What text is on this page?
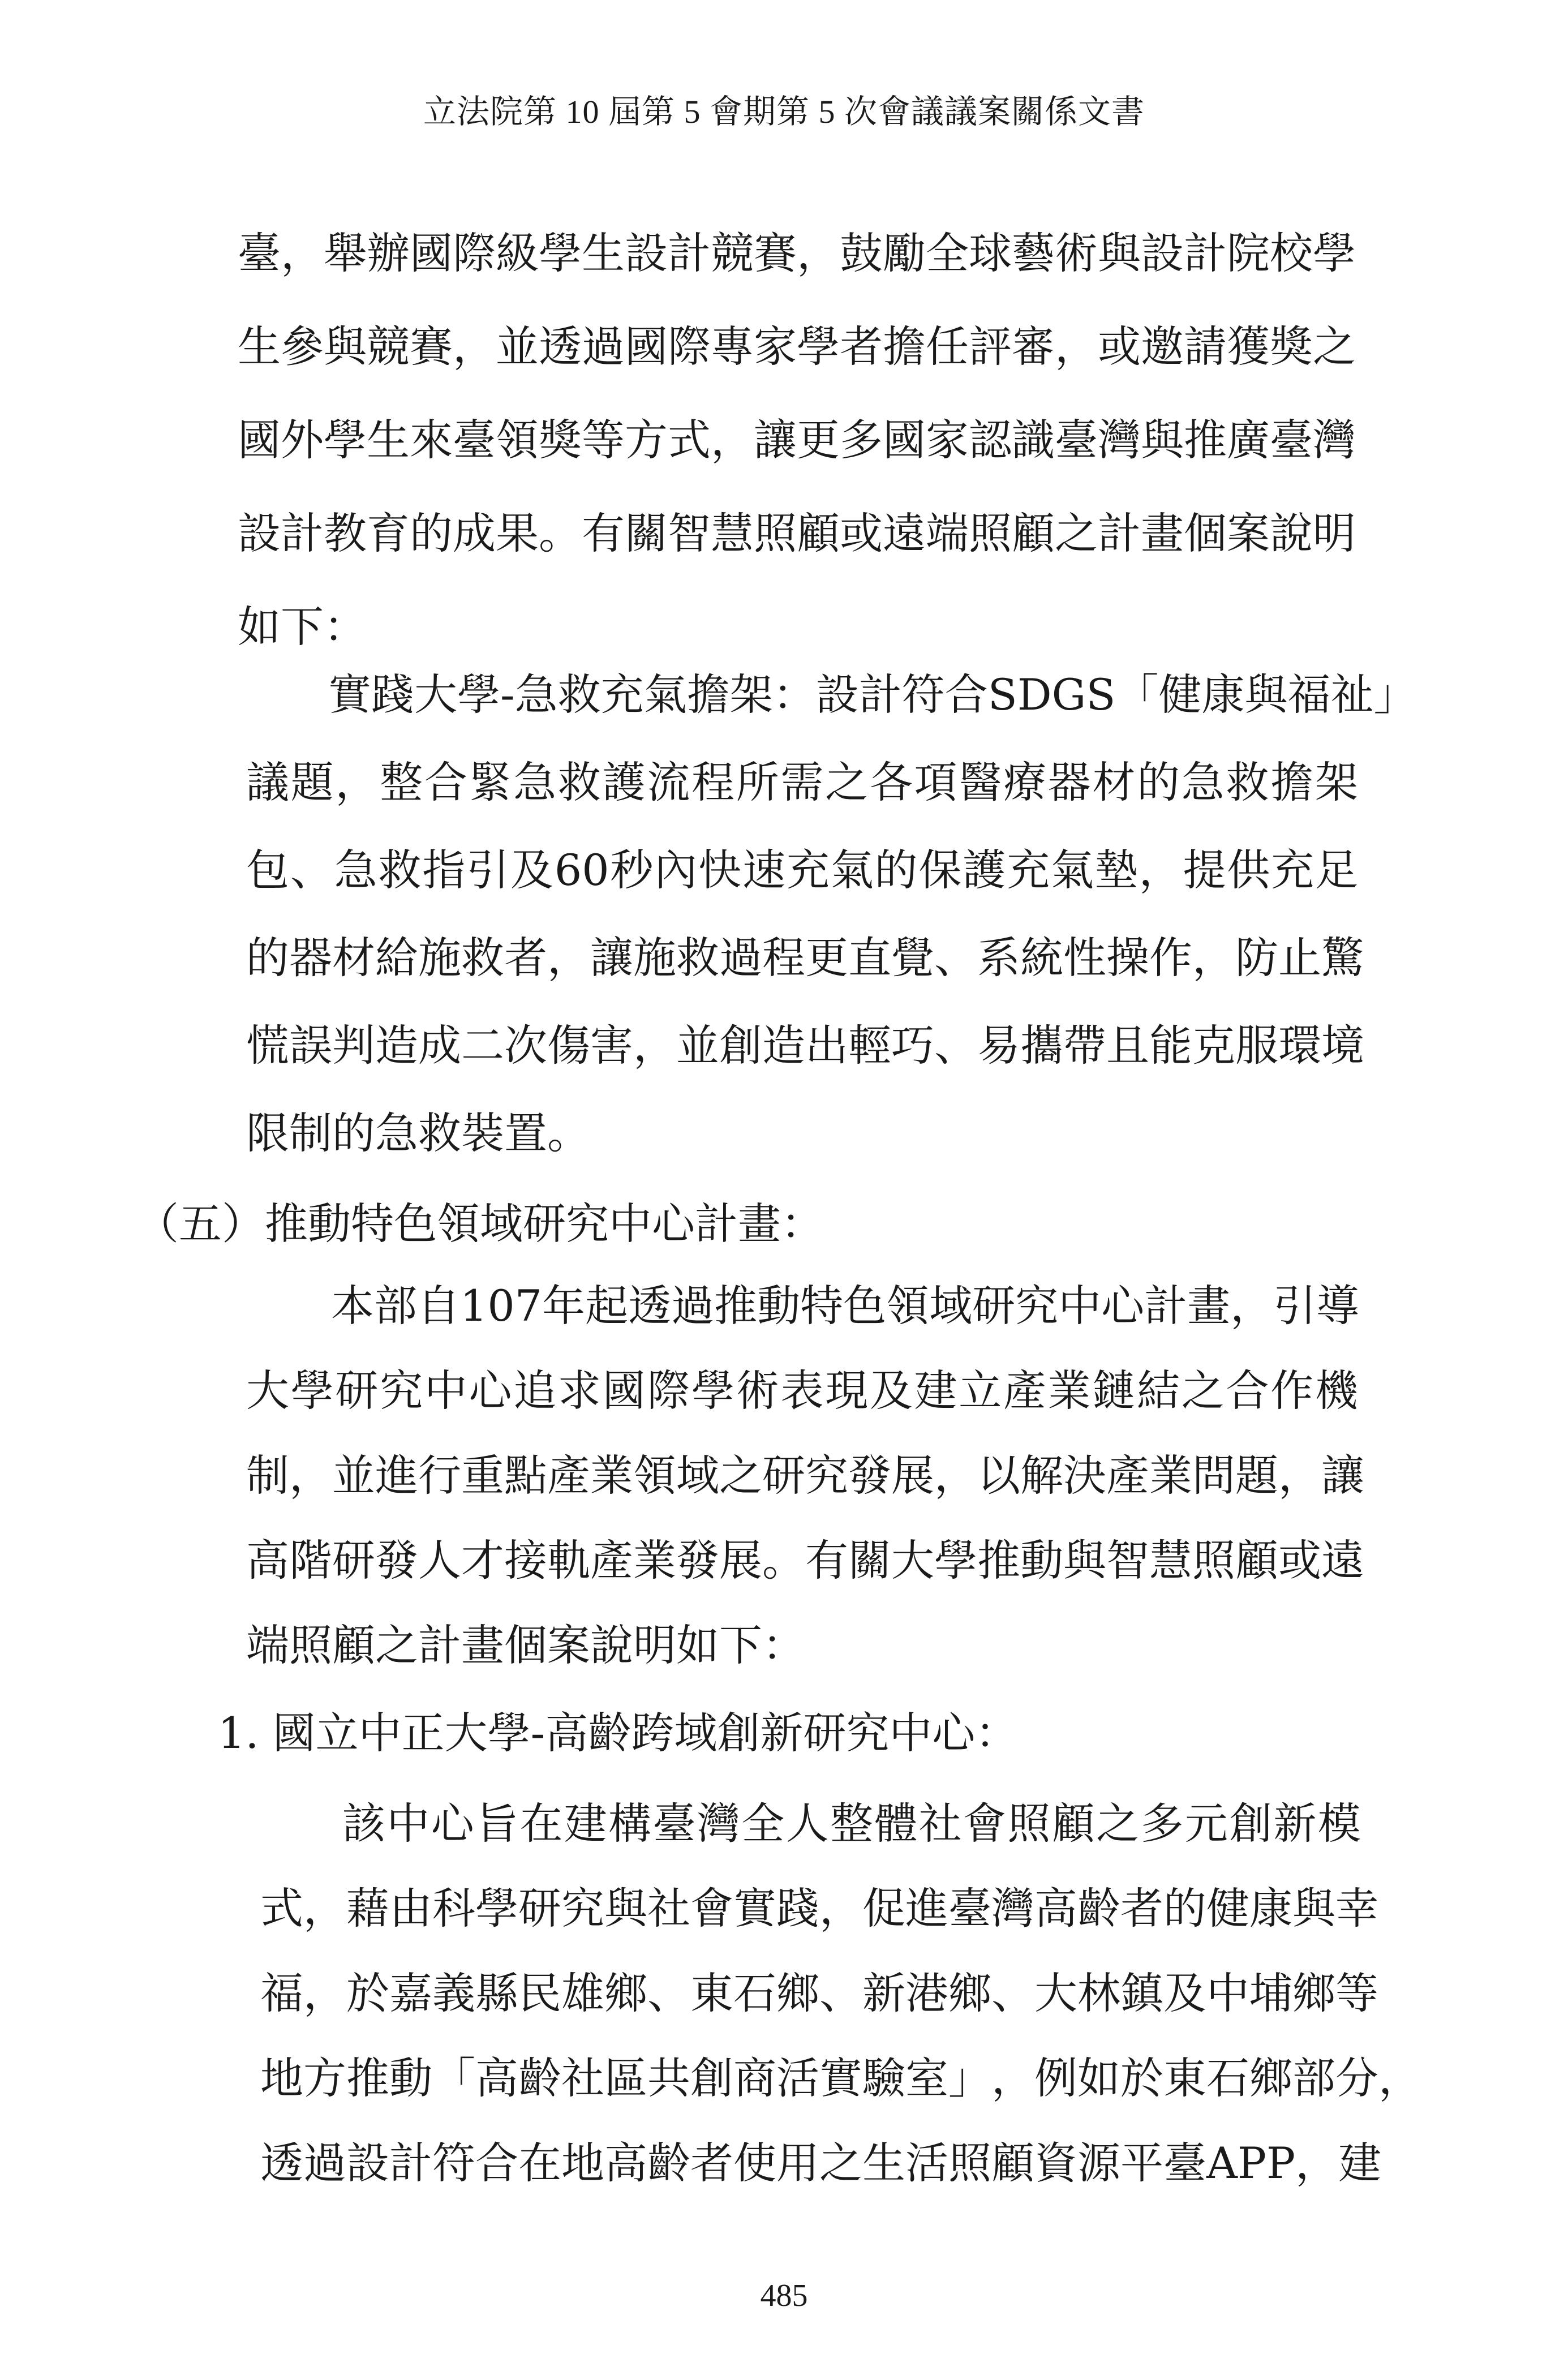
立法院第 10 屆第 5 會期第 5 次會議議案關係文書
臺 ， 舉 辦 國 際 級 學 生 設 計 競 賽 ， 鼓 勵 全 球 藝 術 與 設 計 院 校 學
生 參 與 競 賽 ， 並 透 過 國 際 專 家 學 者 擔 任 評 審 ， 或 邀 請 獲 獎 之
國 外 學 生 來 臺 領 獎 等 方 式 ， 讓 更 多 國 家 認 識 臺 灣 與 推 廣 臺 灣
設 計 教 育 的 成 果 。 有 關 智 慧 照 顧 或 遠 端 照 顧 之 計 畫 個 案 說 明
如下：
實 踐 大 學 - 急 救 充 氣 擔 架 ： 設 計 符 合 SDGS 「 健 康 與 福 祉 」
議 題 ， 整 合 緊 急 救 護 流 程 所 需 之 各 項 醫 療 器 材 的 急 救 擔 架
包 、 急 救 指 引 及 60 秒 內 快 速 充 氣 的 保 護 充 氣 墊 ， 提 供 充 足
的 器 材 給 施 救 者 ， 讓 施 救 過 程 更 直 覺 、 系 統 性 操 作 ， 防 止 驚
慌 誤 判 造 成 二 次 傷 害 ， 並 創 造 出 輕 巧 、 易 攜 帶 且 能 克 服 環 境
限制的急救裝置。
（五）推動特色領域研究中心計畫：
本 部 自 107 年 起 透 過 推 動 特 色 領 域 研 究 中 心 計 畫 ， 引 導
大 學 研 究 中 心 追 求 國 際 學 術 表 現 及 建 立 產 業 鏈 結 之 合 作 機
制 ， 並 進 行 重 點 產 業 領 域 之 研 究 發 展 ， 以 解 決 產 業 問 題 ， 讓
高 階 研 發 人 才 接 軌 產 業 發 展 。 有 關 大 學 推 動 與 智 慧 照 顧 或 遠
端照顧之計畫個案說明如下：
1. 國立中正大學-高齡跨域創新研究中心：
該 中 心 旨 在 建 構 臺 灣 全 人 整 體 社 會 照 顧 之 多 元 創 新 模
式 ， 藉 由 科 學 研 究 與 社 會 實 踐 ， 促 進 臺 灣 高 齡 者 的 健 康 與 幸
福 ， 於 嘉 義 縣 民 雄 鄉 、 東 石 鄉 、 新 港 鄉 、 大 林 鎮 及 中 埔 鄉 等
地 方 推 動 「 高 齡 社 區 共 創 商 活 實 驗 室 」 ， 例 如 於 東 石 鄉 部 分 ，
透 過 設 計 符 合 在 地 高 齡 者 使 用 之 生 活 照 顧 資 源 平 臺 APP ， 建
485
